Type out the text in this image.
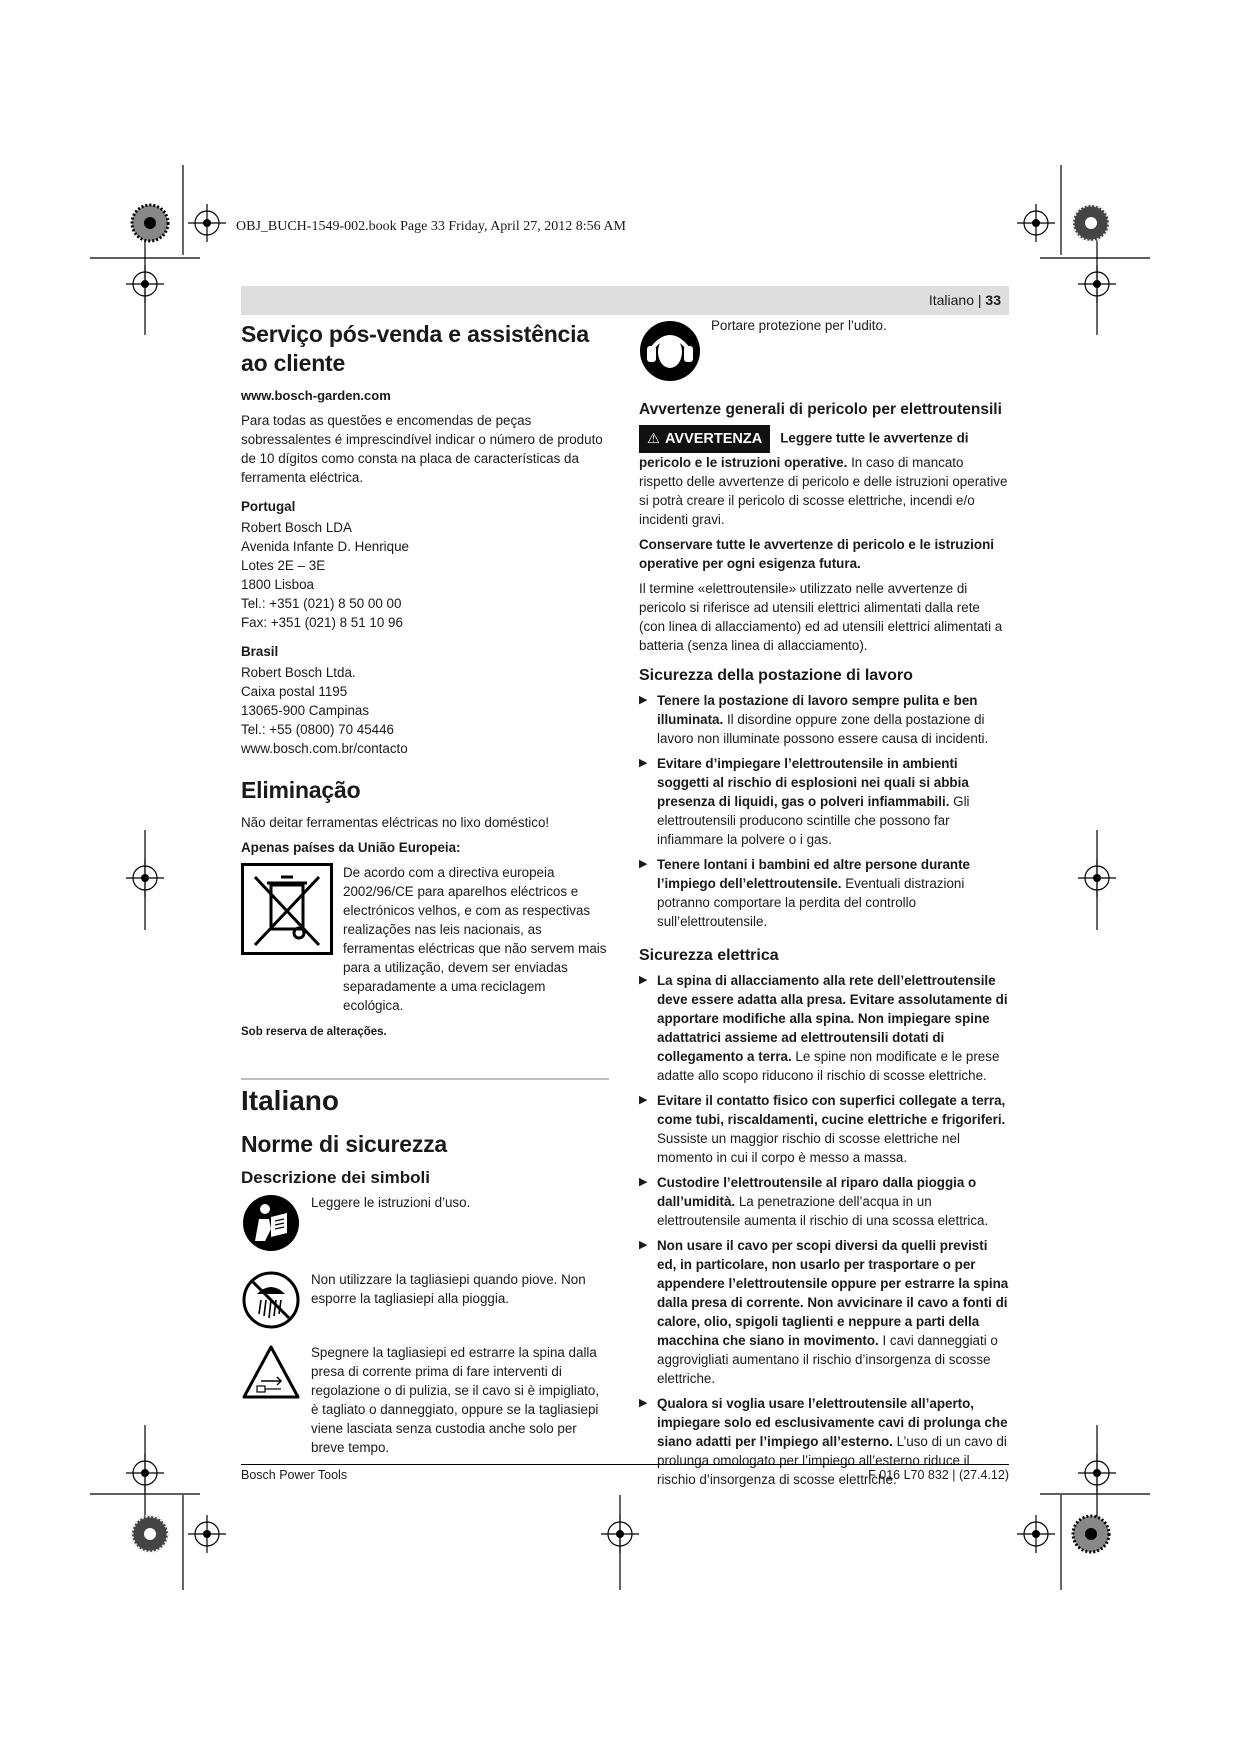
OBJ_BUCH-1549-002.book Page 33 Friday, April 27, 2012 8:56 AM
Italiano | 33
Serviço pós-venda e assistência ao cliente

www.bosch-garden.com

Para todas as questões e encomendas de peças sobressalentes é imprescindível indicar o número de produto de 10 dígitos como consta na placa de características da ferramenta eléctrica.

Portugal

Robert Bosch LDA
Avenida Infante D. Henrique
Lotes 2E – 3E
1800 Lisboa
Tel.: +351 (021) 8 50 00 00
Fax: +351 (021) 8 51 10 96

Brasil

Robert Bosch Ltda.
Caixa postal 1195
13065-900 Campinas
Tel.: +55 (0800) 70 45446
www.bosch.com.br/contacto
Eliminação

Não deitar ferramentas eléctricas no lixo doméstico!

Apenas países da União Europeia:

De acordo com a directiva europeia 2002/96/CE para aparelhos eléctricos e electrónicos velhos, e com as respectivas realizações nas leis nacionais, as ferramentas eléctricas que não servem mais para a utilização, devem ser enviadas separadamente a uma reciclagem ecológica.

Sob reserva de alterações.

Italiano
Norme di sicurezza
Descrizione dei simboli
Leggere le istruzioni d’uso.
Non utilizzare la tagliasiepi quando piove. Non esporre la tagliasiepi alla pioggia.
Spegnere la tagliasiepi ed estrarre la spina dalla presa di corrente prima di fare interventi di regolazione o di pulizia, se il cavo si è impigliato, è tagliato o danneggiato, oppure se la tagliasiepi viene lasciata senza custodia anche solo per breve tempo.
Portare protezione per l’udito.
Avvertenze generali di pericolo per elettroutensili

⚠ AVVERTENZA Leggere tutte le avvertenze di pericolo e le istruzioni operative. In caso di mancato rispetto delle avvertenze di pericolo e delle istruzioni operative si potrà creare il pericolo di scosse elettriche, incendi e/o incidenti gravi.

Conservare tutte le avvertenze di pericolo e le istruzioni operative per ogni esigenza futura.

Il termine «elettroutensile» utilizzato nelle avvertenze di pericolo si riferisce ad utensili elettrici alimentati dalla rete (con linea di allacciamento) ed ad utensili elettrici alimentati a batteria (senza linea di allacciamento).

Sicurezza della postazione di lavoro
▶ Tenere la postazione di lavoro sempre pulita e ben illuminata. Il disordine oppure zone della postazione di lavoro non illuminate possono essere causa di incidenti.
▶ Evitare d’impiegare l’elettroutensile in ambienti soggetti al rischio di esplosioni nei quali si abbia presenza di liquidi, gas o polveri infiammabili. Gli elettroutensili producono scintille che possono far infiammare la polvere o i gas.
▶ Tenere lontani i bambini ed altre persone durante l’impiego dell’elettroutensile. Eventuali distrazioni potranno comportare la perdita del controllo sull’elettroutensile.
Sicurezza elettrica
▶ La spina di allacciamento alla rete dell’elettroutensile deve essere adatta alla presa. Evitare assolutamente di apportare modifiche alla spina. Non impiegare spine adattatrici assieme ad elettroutensili dotati di collegamento a terra. Le spine non modificate e le prese adatte allo scopo riducono il rischio di scosse elettriche.
▶ Evitare il contatto fisico con superfici collegate a terra, come tubi, riscaldamenti, cucine elettriche e frigoriferi. Sussiste un maggior rischio di scosse elettriche nel momento in cui il corpo è messo a massa.
▶ Custodire l’elettroutensile al riparo dalla pioggia o dall’umidità. La penetrazione dell’acqua in un elettroutensile aumenta il rischio di una scossa elettrica.
▶ Non usare il cavo per scopi diversi da quelli previsti ed, in particolare, non usarlo per trasportare o per appendere l’elettroutensile oppure per estrarre la spina dalla presa di corrente. Non avvicinare il cavo a fonti di calore, olio, spigoli taglienti e neppure a parti della macchina che siano in movimento. I cavi danneggiati o aggrovigliati aumentano il rischio d’insorgenza di scosse elettriche.
▶ Qualora si voglia usare l’elettroutensile all’aperto, impiegare solo ed esclusivamente cavi di prolunga che siano adatti per l’impiego all’esterno. L’uso di un cavo di prolunga omologato per l’impiego all’esterno riduce il rischio d’insorgenza di scosse elettriche.
Bosch Power Tools	F 016 L70 832 | (27.4.12)
